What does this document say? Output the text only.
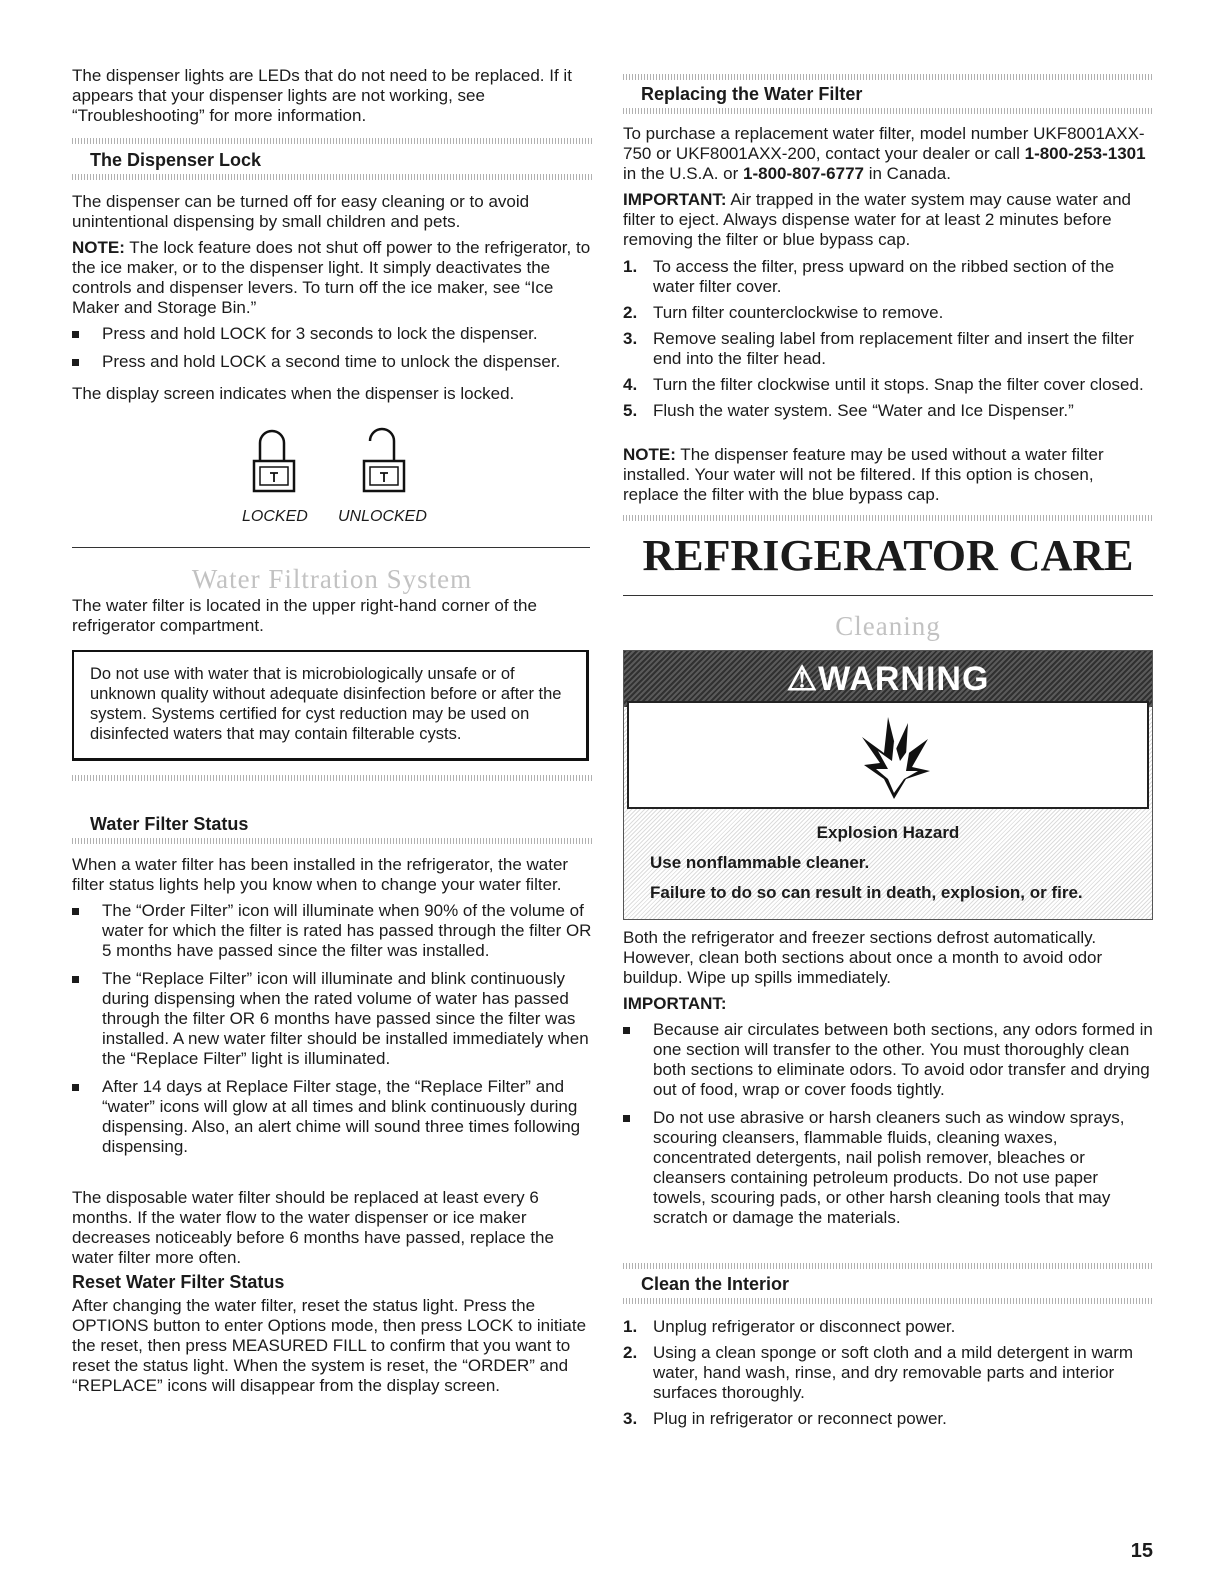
The dispenser lights are LEDs that do not need to be replaced. If it appears that your dispenser lights are not working, see “Troubleshooting” for more information.

The Dispenser Lock

The dispenser can be turned off for easy cleaning or to avoid unintentional dispensing by small children and pets.

NOTE: The lock feature does not shut off power to the refrigerator, to the ice maker, or to the dispenser light. It simply deactivates the controls and dispenser levers. To turn off the ice maker, see “Ice Maker and Storage Bin.”

Press and hold LOCK for 3 seconds to lock the dispenser.
Press and hold LOCK a second time to unlock the dispenser.

The display screen indicates when the dispenser is locked.

LOCKED	UNLOCKED

Water Filtration System

The water filter is located in the upper right-hand corner of the refrigerator compartment.

Do not use with water that is microbiologically unsafe or of unknown quality without adequate disinfection before or after the system. Systems certified for cyst reduction may be used on disinfected waters that may contain filterable cysts.

Water Filter Status

When a water filter has been installed in the refrigerator, the water filter status lights help you know when to change your water filter.

The “Order Filter” icon will illuminate when 90% of the volume of water for which the filter is rated has passed through the filter OR 5 months have passed since the filter was installed.
The “Replace Filter” icon will illuminate and blink continuously during dispensing when the rated volume of water has passed through the filter OR 6 months have passed since the filter was installed. A new water filter should be installed immediately when the “Replace Filter” light is illuminated.
After 14 days at Replace Filter stage, the “Replace Filter” and “water” icons will glow at all times and blink continuously during dispensing. Also, an alert chime will sound three times following dispensing.

The disposable water filter should be replaced at least every 6 months. If the water flow to the water dispenser or ice maker decreases noticeably before 6 months have passed, replace the water filter more often.

Reset Water Filter Status

After changing the water filter, reset the status light. Press the OPTIONS button to enter Options mode, then press LOCK to initiate the reset, then press MEASURED FILL to confirm that you want to reset the status light. When the system is reset, the “ORDER” and “REPLACE” icons will disappear from the display screen.

Replacing the Water Filter

To purchase a replacement water filter, model number UKF8001AXX-750 or UKF8001AXX-200, contact your dealer or call 1-800-253-1301 in the U.S.A. or 1-800-807-6777 in Canada.

IMPORTANT: Air trapped in the water system may cause water and filter to eject. Always dispense water for at least 2 minutes before removing the filter or blue bypass cap.

1. To access the filter, press upward on the ribbed section of the water filter cover.
2. Turn filter counterclockwise to remove.
3. Remove sealing label from replacement filter and insert the filter end into the filter head.
4. Turn the filter clockwise until it stops. Snap the filter cover closed.
5. Flush the water system. See “Water and Ice Dispenser.”

NOTE: The dispenser feature may be used without a water filter installed. Your water will not be filtered. If this option is chosen, replace the filter with the blue bypass cap.

REFRIGERATOR CARE

Cleaning

⚠WARNING

Explosion Hazard

Use nonflammable cleaner.

Failure to do so can result in death, explosion, or fire.

Both the refrigerator and freezer sections defrost automatically. However, clean both sections about once a month to avoid odor buildup. Wipe up spills immediately.

IMPORTANT:

Because air circulates between both sections, any odors formed in one section will transfer to the other. You must thoroughly clean both sections to eliminate odors. To avoid odor transfer and drying out of food, wrap or cover foods tightly.
Do not use abrasive or harsh cleaners such as window sprays, scouring cleansers, flammable fluids, cleaning waxes, concentrated detergents, nail polish remover, bleaches or cleansers containing petroleum products. Do not use paper towels, scouring pads, or other harsh cleaning tools that may scratch or damage the materials.

Clean the Interior

1. Unplug refrigerator or disconnect power.
2. Using a clean sponge or soft cloth and a mild detergent in warm water, hand wash, rinse, and dry removable parts and interior surfaces thoroughly.
3. Plug in refrigerator or reconnect power.
15
